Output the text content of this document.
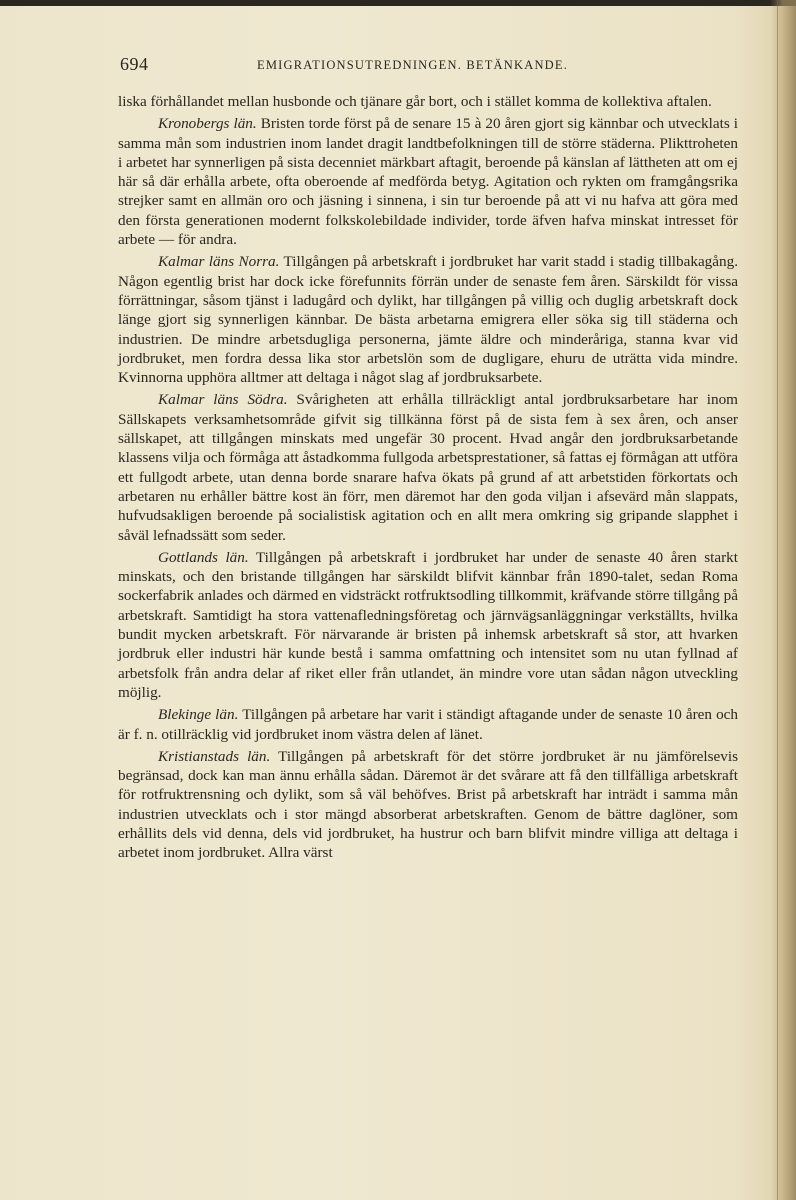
694	EMIGRATIONSUTREDNINGEN. BETÄNKANDE.

liska förhållandet mellan husbonde och tjänare går bort, och i stället komma de kollektiva aftalen.

Kronobergs län. Bristen torde först på de senare 15 à 20 åren gjort sig kännbar och utvecklats i samma mån som industrien inom landet dragit landtbefolkningen till de större städerna. Plikttroheten i arbetet har synnerligen på sista decenniet märkbart aftagit, beroende på känslan af lättheten att om ej här så där erhålla arbete, ofta oberoende af medförda betyg. Agitation och rykten om framgångsrika strejker samt en allmän oro och jäsning i sinnena, i sin tur beroende på att vi nu hafva att göra med den första generationen modernt folkskolebildade individer, torde äfven hafva minskat intresset för arbete — för andra.

Kalmar läns Norra. Tillgången på arbetskraft i jordbruket har varit stadd i stadig tillbakagång. Någon egentlig brist har dock icke förefunnits förrän under de senaste fem åren. Särskildt för vissa förrättningar, såsom tjänst i ladugård och dylikt, har tillgången på villig och duglig arbetskraft dock länge gjort sig synnerligen kännbar. De bästa arbetarna emigrera eller söka sig till städerna och industrien. De mindre arbetsdugliga personerna, jämte äldre och minderåriga, stanna kvar vid jordbruket, men fordra dessa lika stor arbetslön som de dugligare, ehuru de uträtta vida mindre. Kvinnorna upphöra alltmer att deltaga i något slag af jordbruksarbete.

Kalmar läns Södra. Svårigheten att erhålla tillräckligt antal jordbruksarbetare har inom Sällskapets verksamhetsområde gifvit sig tillkänna först på de sista fem à sex åren, och anser sällskapet, att tillgången minskats med ungefär 30 procent. Hvad angår den jordbruksarbetande klassens vilja och förmåga att åstadkomma fullgoda arbetsprestationer, så fattas ej förmågan att utföra ett fullgodt arbete, utan denna borde snarare hafva ökats på grund af att arbetstiden förkortats och arbetaren nu erhåller bättre kost än förr, men däremot har den goda viljan i afsevärd mån slappats, hufvudsakligen beroende på socialistisk agitation och en allt mera omkring sig gripande slapphet i såväl lefnadssätt som seder.

Gottlands län. Tillgången på arbetskraft i jordbruket har under de senaste 40 åren starkt minskats, och den bristande tillgången har särskildt blifvit kännbar från 1890-talet, sedan Roma sockerfabrik anlades och därmed en vidsträckt rotfruktsodling tillkommit, kräfvande större tillgång på arbetskraft. Samtidigt ha stora vattenafledningsföretag och järnvägsanläggningar verkställts, hvilka bundit mycken arbetskraft. För närvarande är bristen på inhemsk arbetskraft så stor, att hvarken jordbruk eller industri här kunde bestå i samma omfattning och intensitet som nu utan fyllnad af arbetsfolk från andra delar af riket eller från utlandet, än mindre vore utan sådan någon utveckling möjlig.

Blekinge län. Tillgången på arbetare har varit i ständigt aftagande under de senaste 10 åren och är f. n. otillräcklig vid jordbruket inom västra delen af länet.

Kristianstads län. Tillgången på arbetskraft för det större jordbruket är nu jämförelsevis begränsad, dock kan man ännu erhålla sådan. Däremot är det svårare att få den tillfälliga arbetskraft för rotfruktrensning och dylikt, som så väl behöfves. Brist på arbetskraft har inträdt i samma mån industrien utvecklats och i stor mängd absorberat arbetskraften. Genom de bättre daglöner, som erhållits dels vid denna, dels vid jordbruket, ha hustrur och barn blifvit mindre villiga att deltaga i arbetet inom jordbruket. Allra värst
